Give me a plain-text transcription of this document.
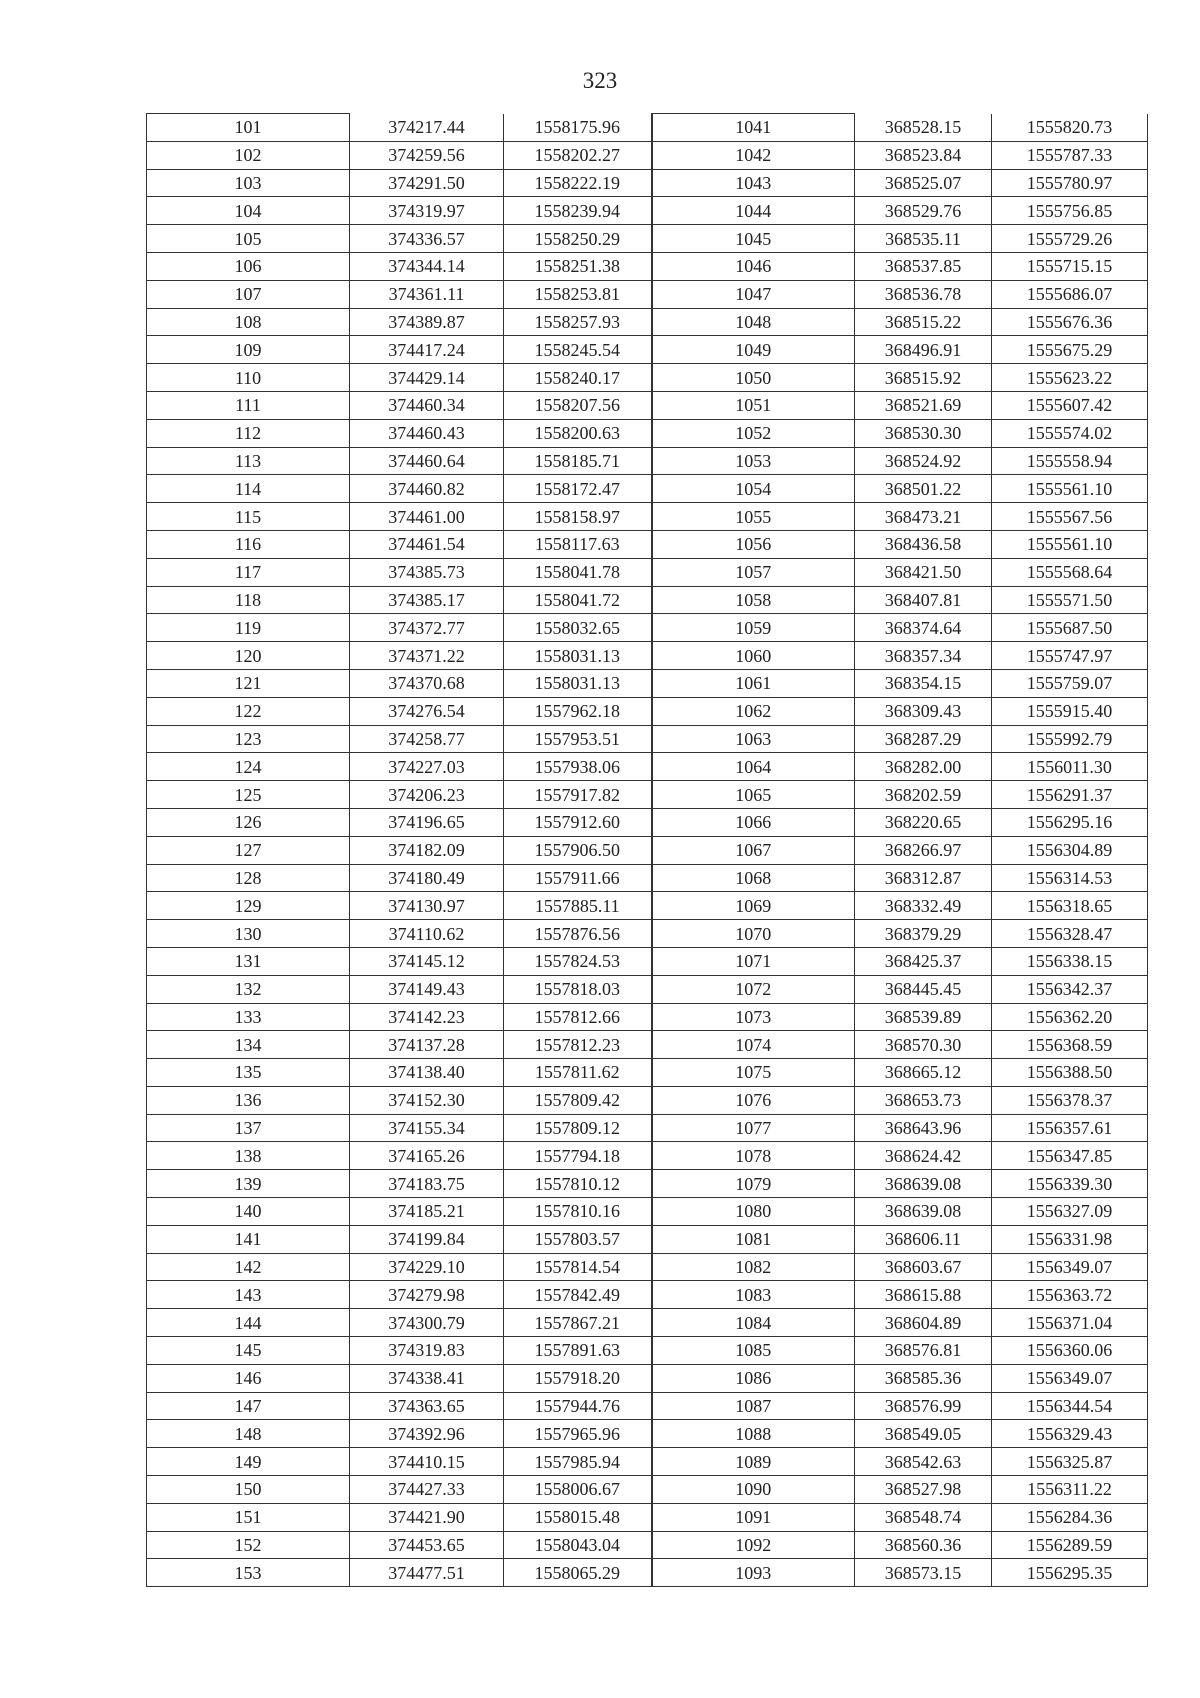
323
101	374217.44	1558175.96	1041	368528.15	1555820.73
102	374259.56	1558202.27	1042	368523.84	1555787.33
103	374291.50	1558222.19	1043	368525.07	1555780.97
104	374319.97	1558239.94	1044	368529.76	1555756.85
105	374336.57	1558250.29	1045	368535.11	1555729.26
106	374344.14	1558251.38	1046	368537.85	1555715.15
107	374361.11	1558253.81	1047	368536.78	1555686.07
108	374389.87	1558257.93	1048	368515.22	1555676.36
109	374417.24	1558245.54	1049	368496.91	1555675.29
110	374429.14	1558240.17	1050	368515.92	1555623.22
111	374460.34	1558207.56	1051	368521.69	1555607.42
112	374460.43	1558200.63	1052	368530.30	1555574.02
113	374460.64	1558185.71	1053	368524.92	1555558.94
114	374460.82	1558172.47	1054	368501.22	1555561.10
115	374461.00	1558158.97	1055	368473.21	1555567.56
116	374461.54	1558117.63	1056	368436.58	1555561.10
117	374385.73	1558041.78	1057	368421.50	1555568.64
118	374385.17	1558041.72	1058	368407.81	1555571.50
119	374372.77	1558032.65	1059	368374.64	1555687.50
120	374371.22	1558031.13	1060	368357.34	1555747.97
121	374370.68	1558031.13	1061	368354.15	1555759.07
122	374276.54	1557962.18	1062	368309.43	1555915.40
123	374258.77	1557953.51	1063	368287.29	1555992.79
124	374227.03	1557938.06	1064	368282.00	1556011.30
125	374206.23	1557917.82	1065	368202.59	1556291.37
126	374196.65	1557912.60	1066	368220.65	1556295.16
127	374182.09	1557906.50	1067	368266.97	1556304.89
128	374180.49	1557911.66	1068	368312.87	1556314.53
129	374130.97	1557885.11	1069	368332.49	1556318.65
130	374110.62	1557876.56	1070	368379.29	1556328.47
131	374145.12	1557824.53	1071	368425.37	1556338.15
132	374149.43	1557818.03	1072	368445.45	1556342.37
133	374142.23	1557812.66	1073	368539.89	1556362.20
134	374137.28	1557812.23	1074	368570.30	1556368.59
135	374138.40	1557811.62	1075	368665.12	1556388.50
136	374152.30	1557809.42	1076	368653.73	1556378.37
137	374155.34	1557809.12	1077	368643.96	1556357.61
138	374165.26	1557794.18	1078	368624.42	1556347.85
139	374183.75	1557810.12	1079	368639.08	1556339.30
140	374185.21	1557810.16	1080	368639.08	1556327.09
141	374199.84	1557803.57	1081	368606.11	1556331.98
142	374229.10	1557814.54	1082	368603.67	1556349.07
143	374279.98	1557842.49	1083	368615.88	1556363.72
144	374300.79	1557867.21	1084	368604.89	1556371.04
145	374319.83	1557891.63	1085	368576.81	1556360.06
146	374338.41	1557918.20	1086	368585.36	1556349.07
147	374363.65	1557944.76	1087	368576.99	1556344.54
148	374392.96	1557965.96	1088	368549.05	1556329.43
149	374410.15	1557985.94	1089	368542.63	1556325.87
150	374427.33	1558006.67	1090	368527.98	1556311.22
151	374421.90	1558015.48	1091	368548.74	1556284.36
152	374453.65	1558043.04	1092	368560.36	1556289.59
153	374477.51	1558065.29	1093	368573.15	1556295.35
